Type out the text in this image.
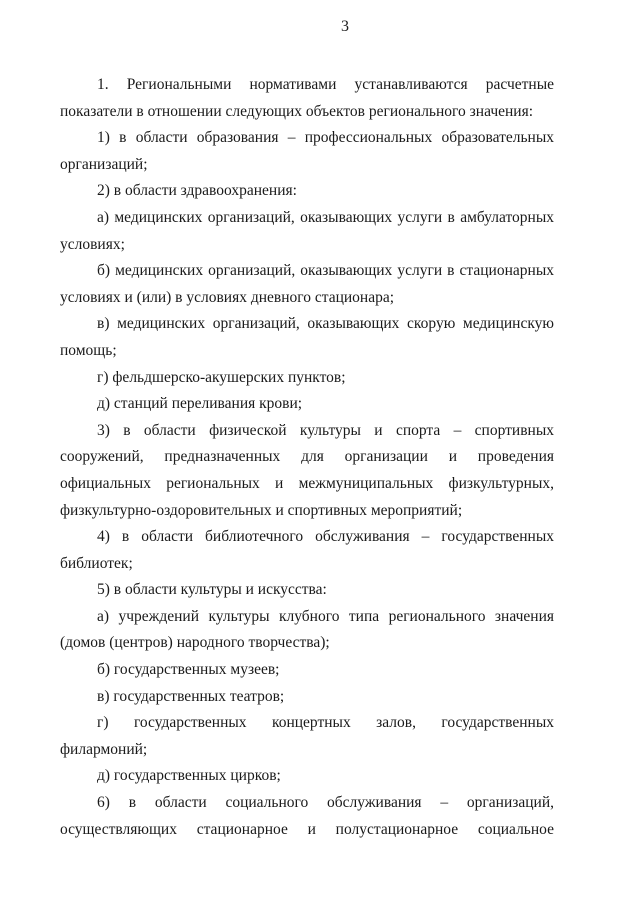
3

1. Региональными нормативами устанавливаются расчетные показатели в отношении следующих объектов регионального значения:

1) в области образования – профессиональных образовательных организаций;

2) в области здравоохранения:

а) медицинских организаций, оказывающих услуги в амбулаторных условиях;

б) медицинских организаций, оказывающих услуги в стационарных условиях и (или) в условиях дневного стационара;

в) медицинских организаций, оказывающих скорую медицинскую помощь;

г) фельдшерско-акушерских пунктов;

д) станций переливания крови;

3) в области физической культуры и спорта – спортивных сооружений, предназначенных для организации и проведения официальных региональных и межмуниципальных физкультурных, физкультурно-оздоровительных и спортивных мероприятий;

4) в области библиотечного обслуживания – государственных библиотек;

5) в области культуры и искусства:

а) учреждений культуры клубного типа регионального значения (домов (центров) народного творчества);

б) государственных музеев;

в) государственных театров;

г) государственных концертных залов, государственных филармоний;

д) государственных цирков;

6) в области социального обслуживания – организаций, осуществляющих стационарное и полустационарное социальное
